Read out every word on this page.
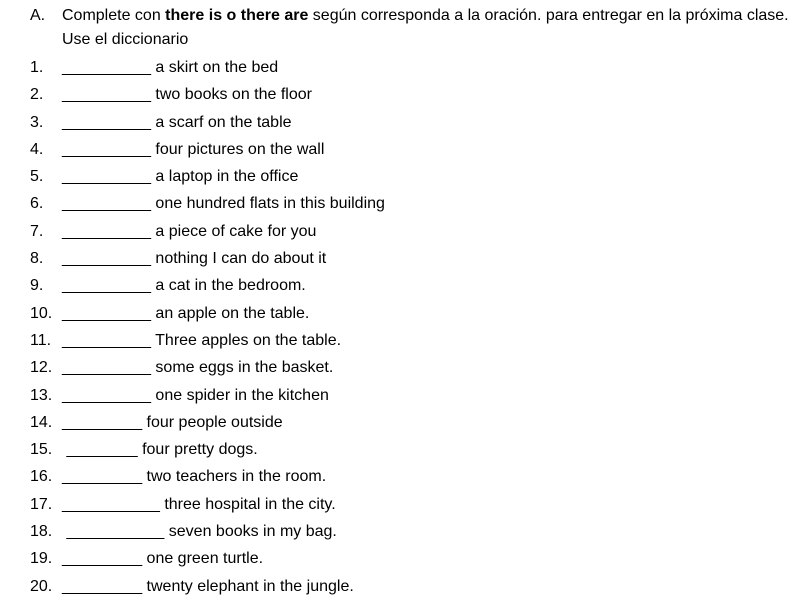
A. Complete con there is o there are según corresponda a la oración. para entregar en la próxima clase. Use el diccionario
1.	__________ a skirt on the bed
2.	__________ two books on the floor
3.	__________ a scarf on the table
4.	__________ four pictures on the wall
5.	__________ a laptop in the office
6.	__________ one hundred flats in this building
7.	__________ a piece of cake for you
8.	__________ nothing I can do about it
9.	__________ a cat in the bedroom.
10. __________ an apple on the table.
11. __________ Three apples on the table.
12. __________ some eggs in the basket.
13. __________ one spider in the kitchen
14. _________ four people outside
15. ________ four pretty dogs.
16. _________ two teachers in the room.
17. ___________ three hospital in the city.
18. ___________ seven books in my bag.
19. _________ one green turtle.
20. _________ twenty elephant in the jungle.
